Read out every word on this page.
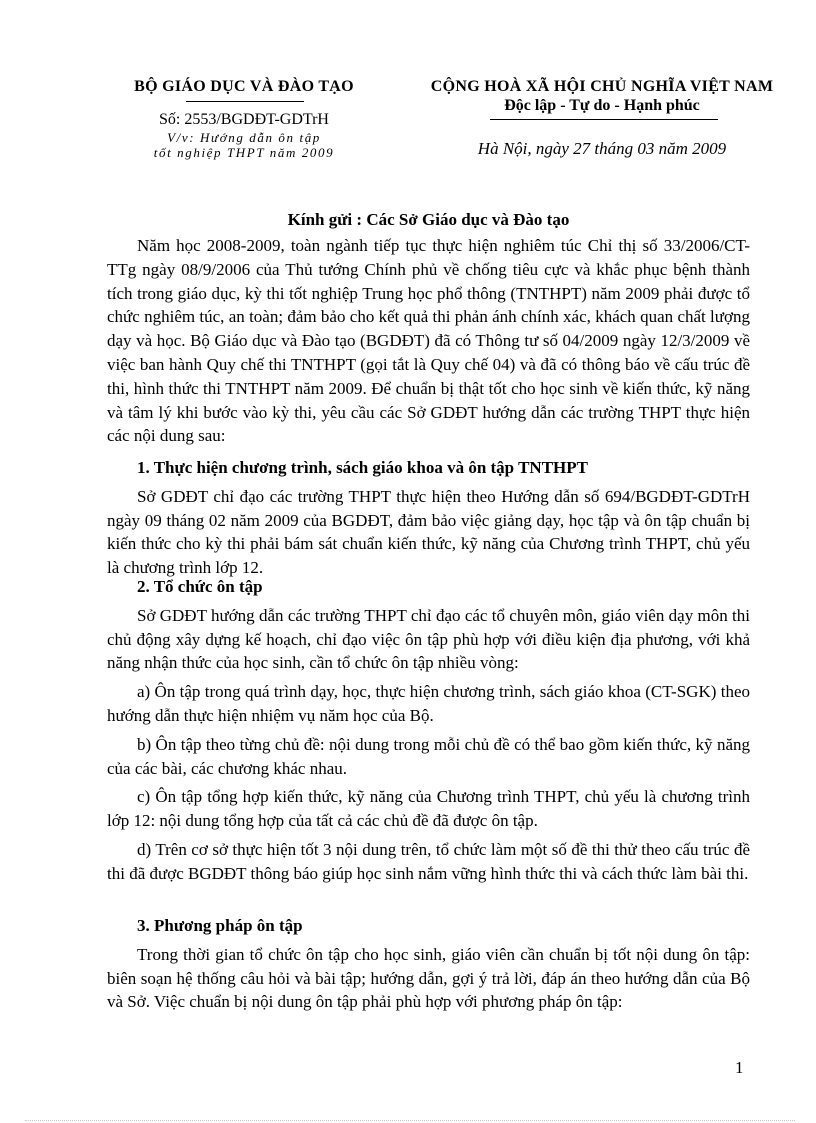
BỘ GIÁO DỤC VÀ ĐÀO TẠO
Số: 2553/BGDĐT-GDTrH
V/v: Hướng dẫn ôn tập
tốt nghiệp THPT năm 2009
CỘNG HOÀ XÃ HỘI CHỦ NGHĨA VIỆT NAM
Độc lập - Tự do - Hạnh phúc
Hà Nội, ngày 27 tháng 03 năm 2009
Kính gửi : Các Sở Giáo dục và Đào tạo

Năm học 2008-2009, toàn ngành tiếp tục thực hiện nghiêm túc Chỉ thị số 33/2006/CT-TTg ngày 08/9/2006 của Thủ tướng Chính phủ về chống tiêu cực và khắc phục bệnh thành tích trong giáo dục, kỳ thi tốt nghiệp Trung học phổ thông (TNTHPT) năm 2009 phải được tổ chức nghiêm túc, an toàn; đảm bảo cho kết quả thi phản ánh chính xác, khách quan chất lượng dạy và học. Bộ Giáo dục và Đào tạo (BGDĐT) đã có Thông tư số 04/2009 ngày 12/3/2009 về việc ban hành Quy chế thi TNTHPT (gọi tắt là Quy chế 04) và đã có thông báo về cấu trúc đề thi, hình thức thi TNTHPT năm 2009. Để chuẩn bị thật tốt cho học sinh về kiến thức, kỹ năng và tâm lý khi bước vào kỳ thi, yêu cầu các Sở GDĐT hướng dẫn các trường THPT thực hiện các nội dung sau:

1. Thực hiện chương trình, sách giáo khoa và ôn tập TNTHPT

Sở GDĐT chỉ đạo các trường THPT thực hiện theo Hướng dẫn số 694/BGDĐT-GDTrH ngày 09 tháng 02 năm 2009 của BGDĐT, đảm bảo việc giảng dạy, học tập và ôn tập chuẩn bị kiến thức cho kỳ thi phải bám sát chuẩn kiến thức, kỹ năng của Chương trình THPT, chủ yếu là chương trình lớp 12.

2. Tổ chức ôn tập

Sở GDĐT hướng dẫn các trường THPT chỉ đạo các tổ chuyên môn, giáo viên dạy môn thi chủ động xây dựng kế hoạch, chỉ đạo việc ôn tập phù hợp với điều kiện địa phương, với khả năng nhận thức của học sinh, cần tổ chức ôn tập nhiều vòng:

a) Ôn tập trong quá trình dạy, học, thực hiện chương trình, sách giáo khoa (CT-SGK) theo hướng dẫn thực hiện nhiệm vụ năm học của Bộ.

b) Ôn tập theo từng chủ đề: nội dung trong mỗi chủ đề có thể bao gồm kiến thức, kỹ năng của các bài, các chương khác nhau.

c) Ôn tập tổng hợp kiến thức, kỹ năng của Chương trình THPT, chủ yếu là chương trình lớp 12: nội dung tổng hợp của tất cả các chủ đề đã được ôn tập.

d) Trên cơ sở thực hiện tốt 3 nội dung trên, tổ chức làm một số đề thi thử theo cấu trúc đề thi đã được BGDĐT thông báo giúp học sinh nắm vững hình thức thi và cách thức làm bài thi.

3. Phương pháp ôn tập

Trong thời gian tổ chức ôn tập cho học sinh, giáo viên cần chuẩn bị tốt nội dung ôn tập: biên soạn hệ thống câu hỏi và bài tập; hướng dẫn, gợi ý trả lời, đáp án theo hướng dẫn của Bộ và Sở. Việc chuẩn bị nội dung ôn tập phải phù hợp với phương pháp ôn tập:

1
